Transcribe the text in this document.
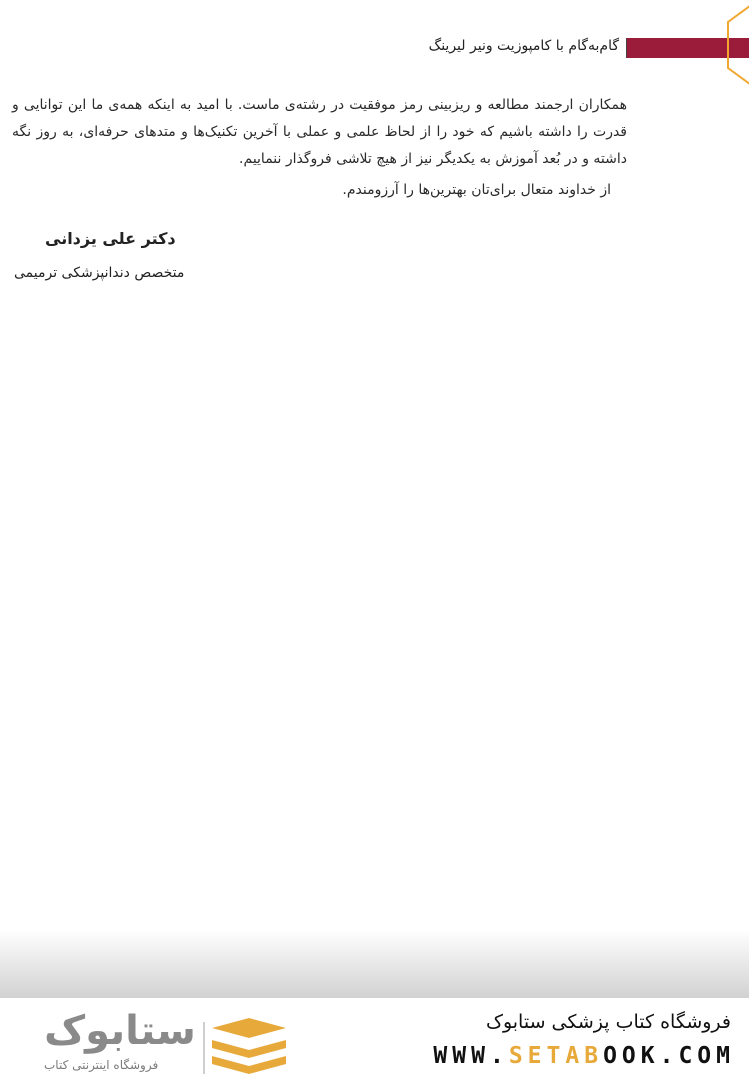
گام‌به‌گام با کامپوزیت ونیر لیرینگ

همکاران ارجمند مطالعه و ریزبینی رمز موفقیت در رشته‌ی ماست. با امید به اینکه همه‌ی ما این توانایی و قدرت را داشته باشیم که خود را از لحاظ علمی و عملی با آخرین تکنیک‌ها و متدهای حرفه‌ای، به روز نگه داشته و در بُعد آموزش به یکدیگر نیز از هیچ تلاشی فروگذار ننماییم.

از خداوند متعال برای‌تان بهترین‌ها را آرزومندم.

دکتر علی یزدانی
متخصص دندانپزشکی ترمیمی
فروشگاه کتاب پزشکی ستابوک
WWW.SETABOOK.COM
ستابوک
فروشگاه اینترنتی کتاب
